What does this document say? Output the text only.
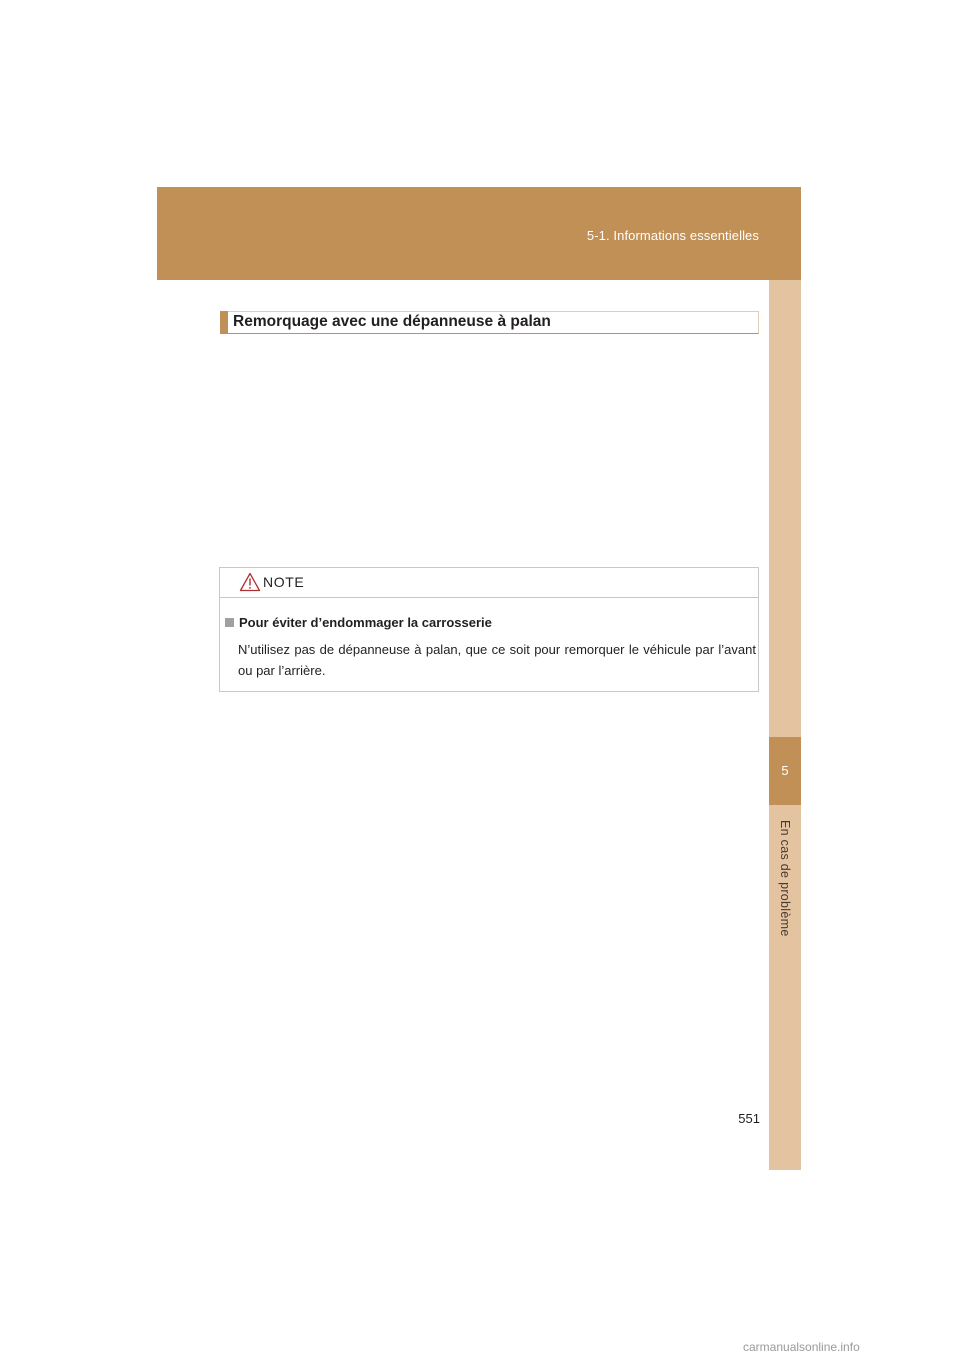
5-1. Informations essentielles
5
En cas de problème
Remorquage avec une dépanneuse à palan
NOTE
Pour éviter d’endommager la carrosserie
N’utilisez pas de dépanneuse à palan, que ce soit pour remorquer le véhicule par l’avant ou par l’arrière.
551
carmanualsonline.info
